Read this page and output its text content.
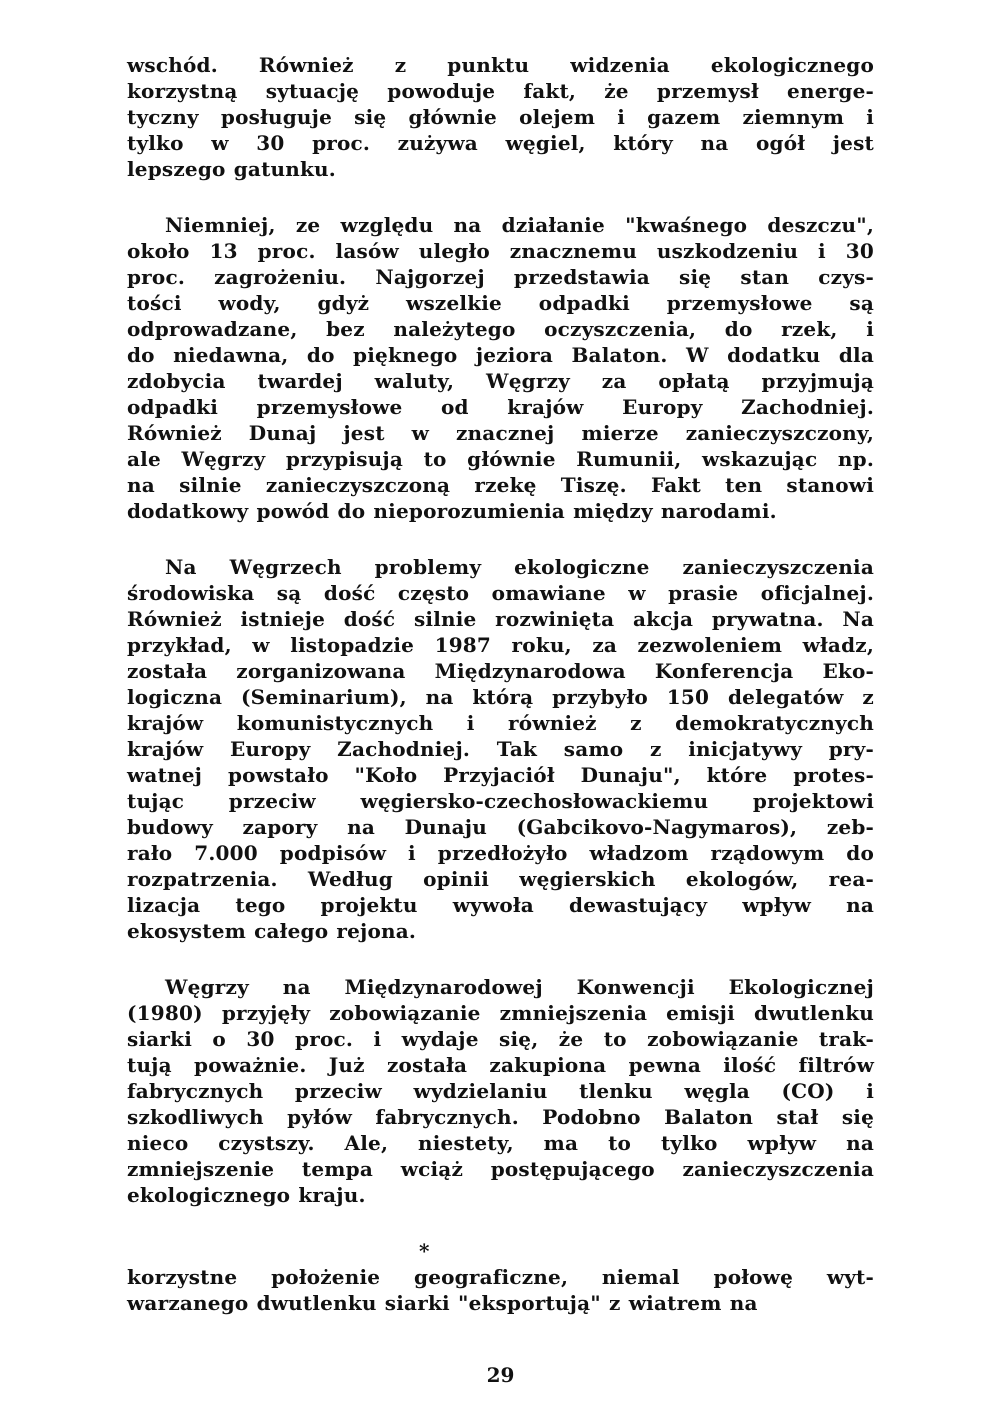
wschód. Również z punktu widzenia ekologicznego
korzystną sytuację powoduje fakt, że przemysł energe-
tyczny posługuje się głównie olejem i gazem ziemnym i
tylko w 30 proc. zużywa węgiel, który na ogół jest
lepszego gatunku.
Niemniej, ze względu na działanie "kwaśnego deszczu",
około 13 proc. lasów uległo znacznemu uszkodzeniu i 30
proc. zagrożeniu. Najgorzej przedstawia się stan czys-
tości wody, gdyż wszelkie odpadki przemysłowe są
odprowadzane, bez należytego oczyszczenia, do rzek, i
do niedawna, do pięknego jeziora Balaton. W dodatku dla
zdobycia twardej waluty, Węgrzy za opłatą przyjmują
odpadki przemysłowe od krajów Europy Zachodniej.
Również Dunaj jest w znacznej mierze zanieczyszczony,
ale Węgrzy przypisują to głównie Rumunii, wskazując np.
na silnie zanieczyszczoną rzekę Tiszę. Fakt ten stanowi
dodatkowy powód do nieporozumienia między narodami.
Na Węgrzech problemy ekologiczne zanieczyszczenia
środowiska są dość często omawiane w prasie oficjalnej.
Również istnieje dość silnie rozwinięta akcja prywatna. Na
przykład, w listopadzie 1987 roku, za zezwoleniem władz,
została zorganizowana Międzynarodowa Konferencja Eko-
logiczna (Seminarium), na którą przybyło 150 delegatów z
krajów komunistycznych i również z demokratycznych
krajów Europy Zachodniej. Tak samo z inicjatywy pry-
watnej powstało "Koło Przyjaciół Dunaju", które protes-
tując przeciw węgiersko-czechosłowackiemu projektowi
budowy zapory na Dunaju (Gabcikovo-Nagymaros), zeb-
rało 7.000 podpisów i przedłożyło władzom rządowym do
rozpatrzenia. Według opinii węgierskich ekologów, rea-
lizacja tego projektu wywoła dewastujący wpływ na
ekosystem całego rejona.
Węgrzy na Międzynarodowej Konwencji Ekologicznej
(1980) przyjęły zobowiązanie zmniejszenia emisji dwutlenku
siarki o 30 proc. i wydaje się, że to zobowiązanie trak-
tują poważnie. Już została zakupiona pewna ilość filtrów
fabrycznych przeciw wydzielaniu tlenku węgla (CO) i
szkodliwych pyłów fabrycznych. Podobno Balaton stał się
nieco czystszy. Ale, niestety, ma to tylko wpływ na
zmniejszenie tempa wciąż postępującego zanieczyszczenia
ekologicznego kraju.
*
korzystne położenie geograficzne, niemal połowę wyt-
warzanego dwutlenku siarki "eksportują" z wiatrem na
29
